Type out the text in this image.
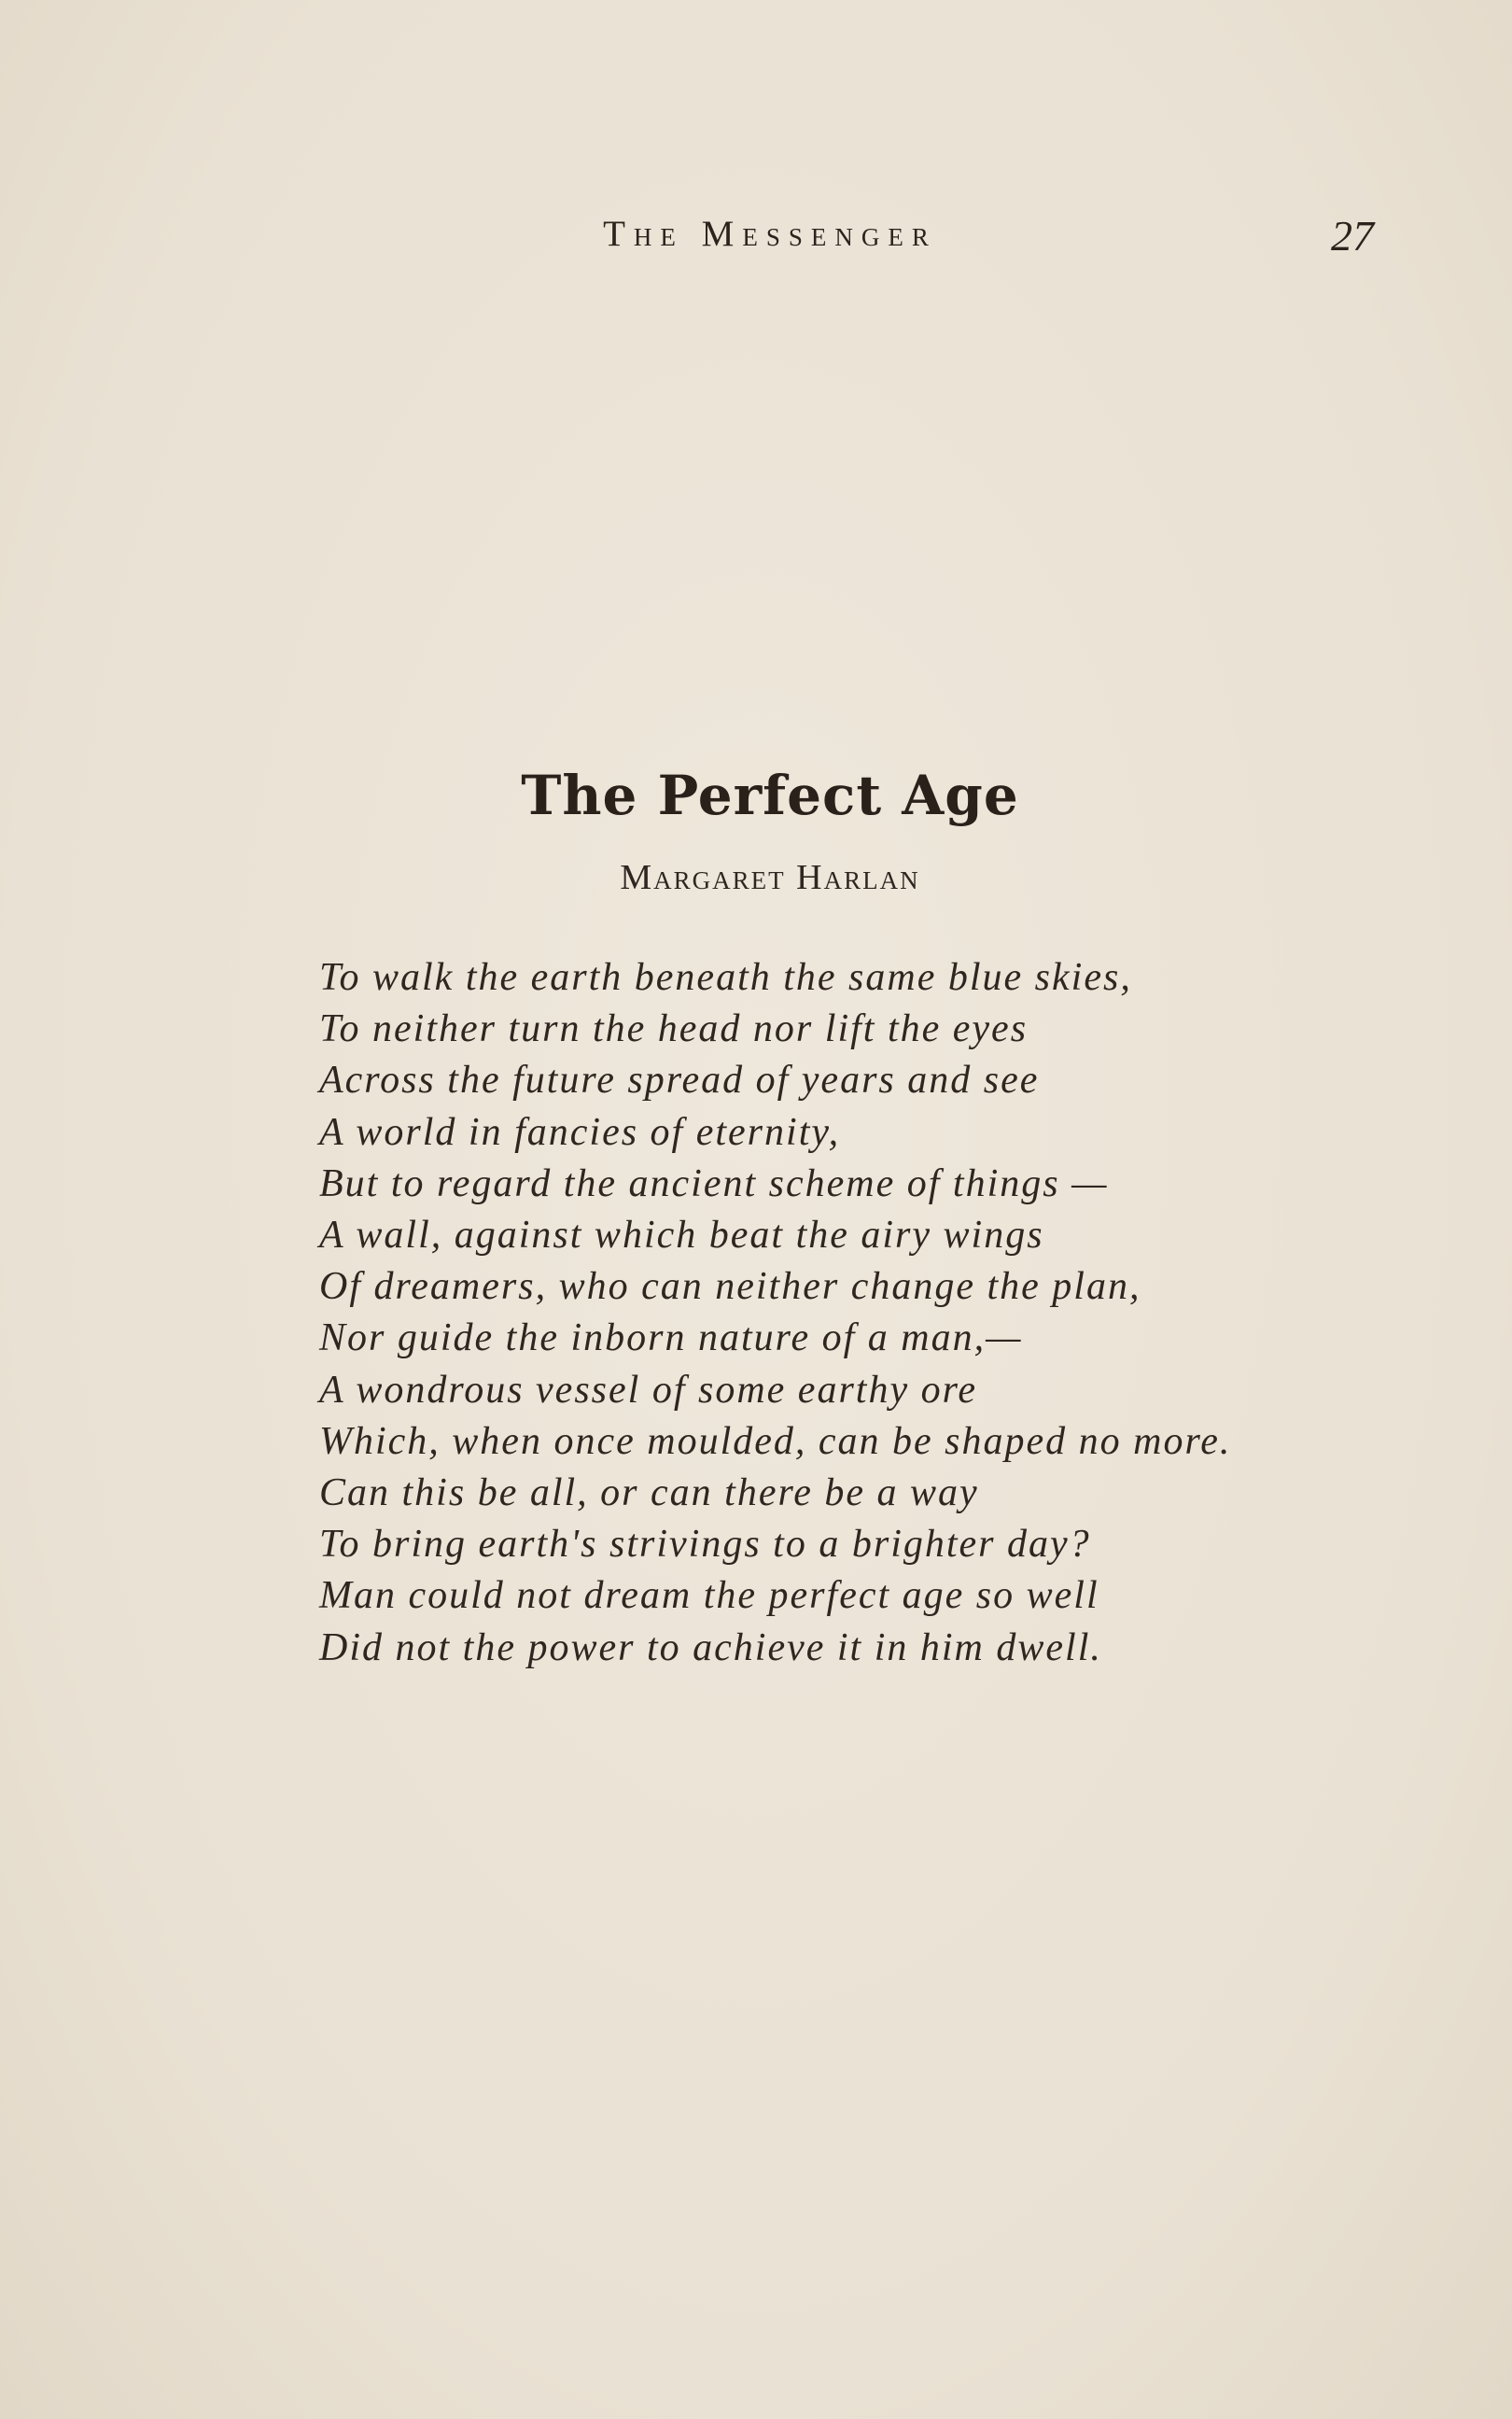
The Messenger	27
The Perfect Age
Margaret Harlan
To walk the earth beneath the same blue skies,
To neither turn the head nor lift the eyes
Across the future spread of years and see
A world in fancies of eternity,
But to regard the ancient scheme of things —
A wall, against which beat the airy wings
Of dreamers, who can neither change the plan,
Nor guide the inborn nature of a man,—
A wondrous vessel of some earthy ore
Which, when once moulded, can be shaped no more.
Can this be all, or can there be a way
To bring earth's strivings to a brighter day?
Man could not dream the perfect age so well
Did not the power to achieve it in him dwell.
